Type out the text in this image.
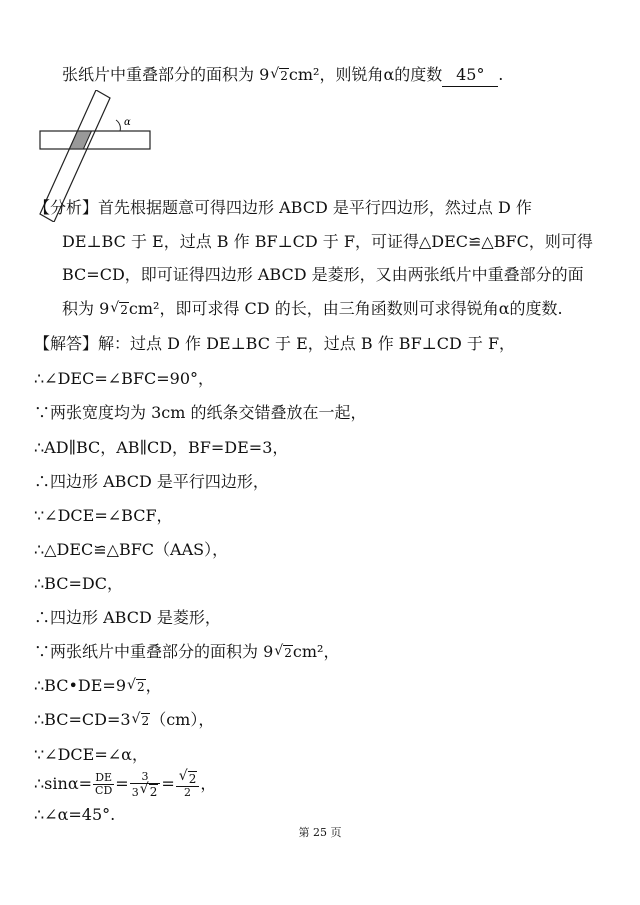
张纸片中重叠部分的面积为 9 √ 2cm²，则锐角α的度数 45° .
α
【分析】首先根据题意可得四边形 ABCD 是平行四边形，然过点 D 作
DE⊥BC 于 E，过点 B 作 BF⊥CD 于 F，可证得△DEC≌△BFC，则可得
BC=CD，即可证得四边形 ABCD 是菱形，又由两张纸片中重叠部分的面
积为 9 √ 2cm²，即可求得 CD 的长，由三角函数则可求得锐角α的度数.
【解答】解：过点 D 作 DE⊥BC 于 E，过点 B 作 BF⊥CD 于 F，
∴∠DEC=∠BFC=90°，
∵两张宽度均为 3cm 的纸条交错叠放在一起，
∴AD∥BC，AB∥CD，BF=DE=3，
∴四边形 ABCD 是平行四边形，
∵∠DCE=∠BCF，
∴△DEC≌△BFC（AAS），
∴BC=DC，
∴四边形 ABCD 是菱形，
∵两张纸片中重叠部分的面积为 9 √ 2cm²，
∴BC•DE=9 √ 2，
∴BC=CD=3 √ 2（cm），
∵∠DCE=∠α，
∴sinα= $\frac{DE}{CD} = \frac{3}{3 √ 2}$ = √ $\frac{2}{2}$ ，
∴∠α=45°.
第 25 页
